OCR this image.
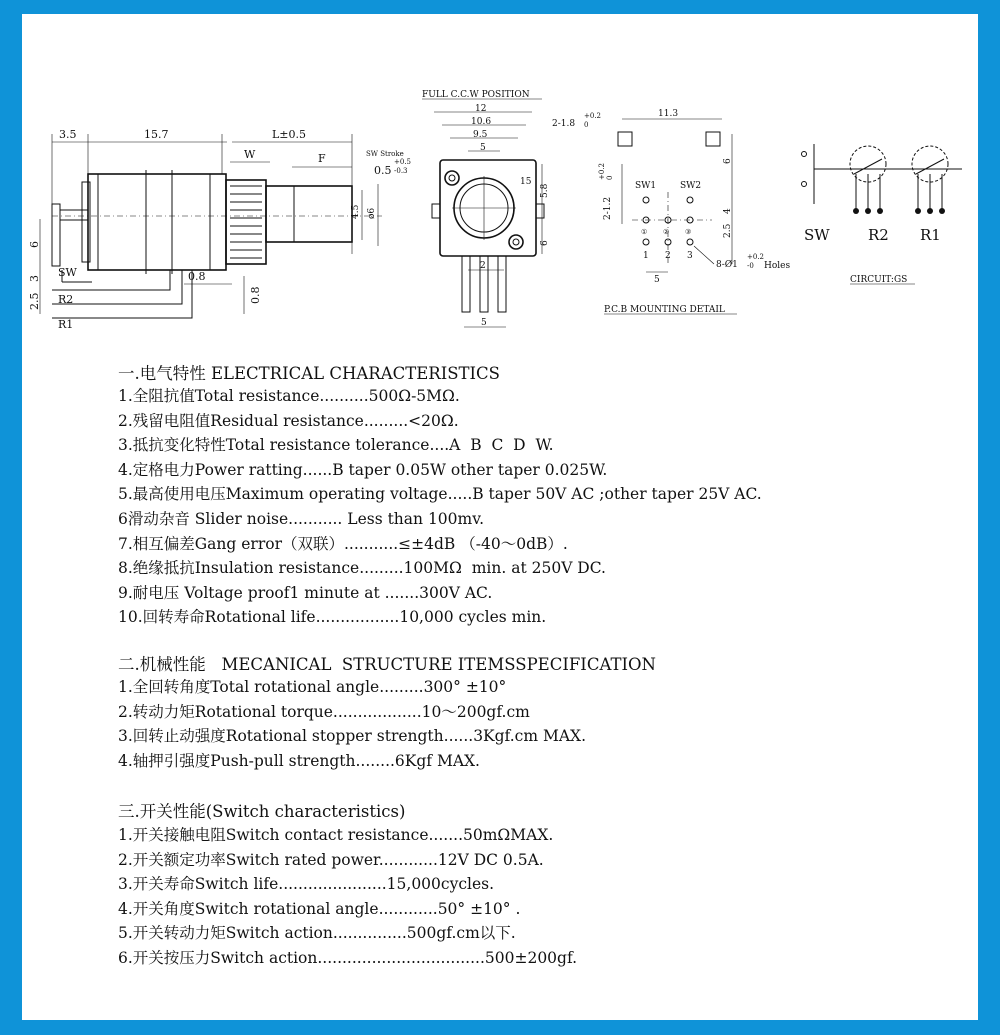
3.5	15.7	L±0.5
W	F	SW Stroke
0.5
+0.5
-0.3
4.5 ø6
0.8
0.8
6
2.5
3 SW
R2
R1
FULL C.C.W POSITION
12
10.6
9.5
5
15
5.8
6
2
5
11.3
2-1.8
+0.2
0
6
4
2.5
2-1.2
+0.2 0
SW1	SW2
① ② ③
1 2 3
5
8-Ø1
+0.2
-0 Holes
P.C.B MOUNTING DETAIL
SW	R2 R1
CIRCUIT:GS
一.电气特性 ELECTRICAL CHARACTERISTICS
1.全阻抗值Total resistance..........500Ω-5MΩ.
2.残留电阻值Residual resistance.........<20Ω.
3.抵抗变化特性Total resistance tolerance....A  B  C  D  W.
4.定格电力Power ratting......B taper 0.05W other taper 0.025W.
5.最高使用电压Maximum operating voltage.....B taper 50V AC ;other taper 25V AC.
6滑动杂音 Slider noise........... Less than 100mv.
7.相互偏差Gang error（双联）...........≤±4dB （-40～0dB）.
8.绝缘抵抗Insulation resistance.........100MΩ  min. at 250V DC.
9.耐电压 Voltage proof1 minute at .......300V AC.
10.回转寿命Rotational life.................10,000 cycles min.
二.机械性能   MECANICAL  STRUCTURE ITEMSSPECIFICATION
1.全回转角度Total rotational angle.........300° ±10°
2.转动力矩Rotational torque..................10～200gf.cm
3.回转止动强度Rotational stopper strength......3Kgf.cm MAX.
4.轴押引强度Push-pull strength........6Kgf MAX.
三.开关性能(Switch characteristics)
1.开关接触电阻Switch contact resistance.......50mΩMAX.
2.开关额定功率Switch rated power............12V DC 0.5A.
3.开关寿命Switch life......................15,000cycles.
4.开关角度Switch rotational angle............50° ±10° .
5.开关转动力矩Switch action...............500gf.cm以下.
6.开关按压力Switch action..................................500±200gf.
